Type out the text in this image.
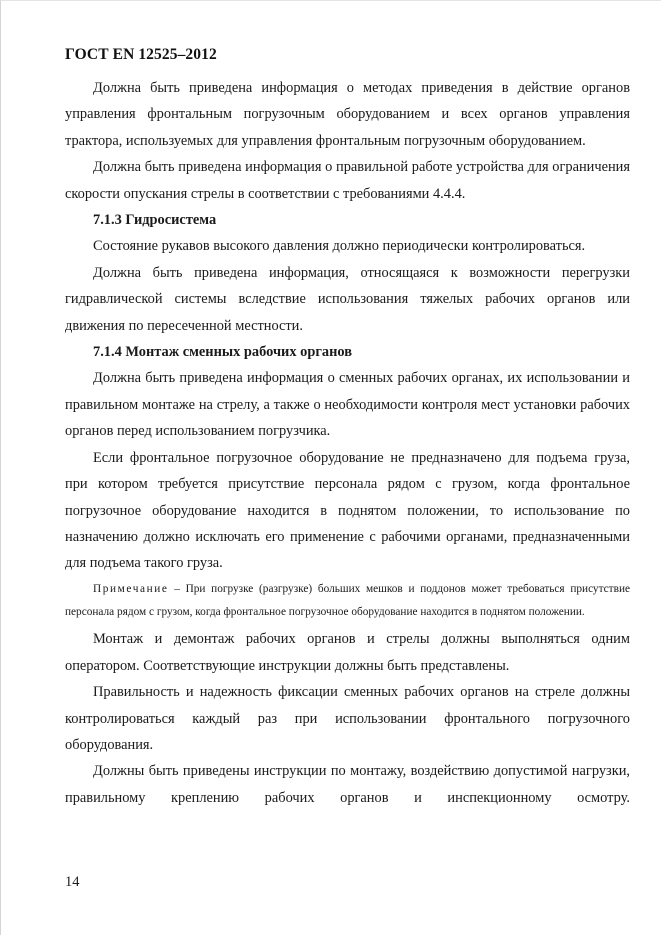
ГОСТ EN 12525–2012

Должна быть приведена информация о методах приведения в действие органов управления фронтальным погрузочным оборудованием и всех органов управления трактора, используемых для управления фронтальным погрузочным оборудованием.

Должна быть приведена информация о правильной работе устройства для ограничения скорости опускания стрелы в соответствии с требованиями 4.4.4.

7.1.3 Гидросистема

Состояние рукавов высокого давления должно периодически контролироваться.

Должна быть приведена информация, относящаяся к возможности перегрузки гидравлической системы вследствие использования тяжелых рабочих органов или движения по пересеченной местности.

7.1.4 Монтаж сменных рабочих органов

Должна быть приведена информация о сменных рабочих органах, их использовании и правильном монтаже на стрелу, а также о необходимости контроля мест установки рабочих органов перед использованием погрузчика.

Если фронтальное погрузочное оборудование не предназначено для подъема груза, при котором требуется присутствие персонала рядом с грузом, когда фронтальное погрузочное оборудование находится в поднятом положении, то использование по назначению должно исключать его применение с рабочими органами, предназначенными для подъема такого груза.

Примечание – При погрузке (разгрузке) больших мешков и поддонов может требоваться присутствие персонала рядом с грузом, когда фронтальное погрузочное оборудование находится в поднятом положении.

Монтаж и демонтаж рабочих органов и стрелы должны выполняться одним оператором. Соответствующие инструкции должны быть представлены.

Правильность и надежность фиксации сменных рабочих органов на стреле должны контролироваться каждый раз при использовании фронтального погрузочного оборудования.

Должны быть приведены инструкции по монтажу, воздействию допустимой нагрузки, правильному креплению рабочих органов и инспекционному осмотру.

14
